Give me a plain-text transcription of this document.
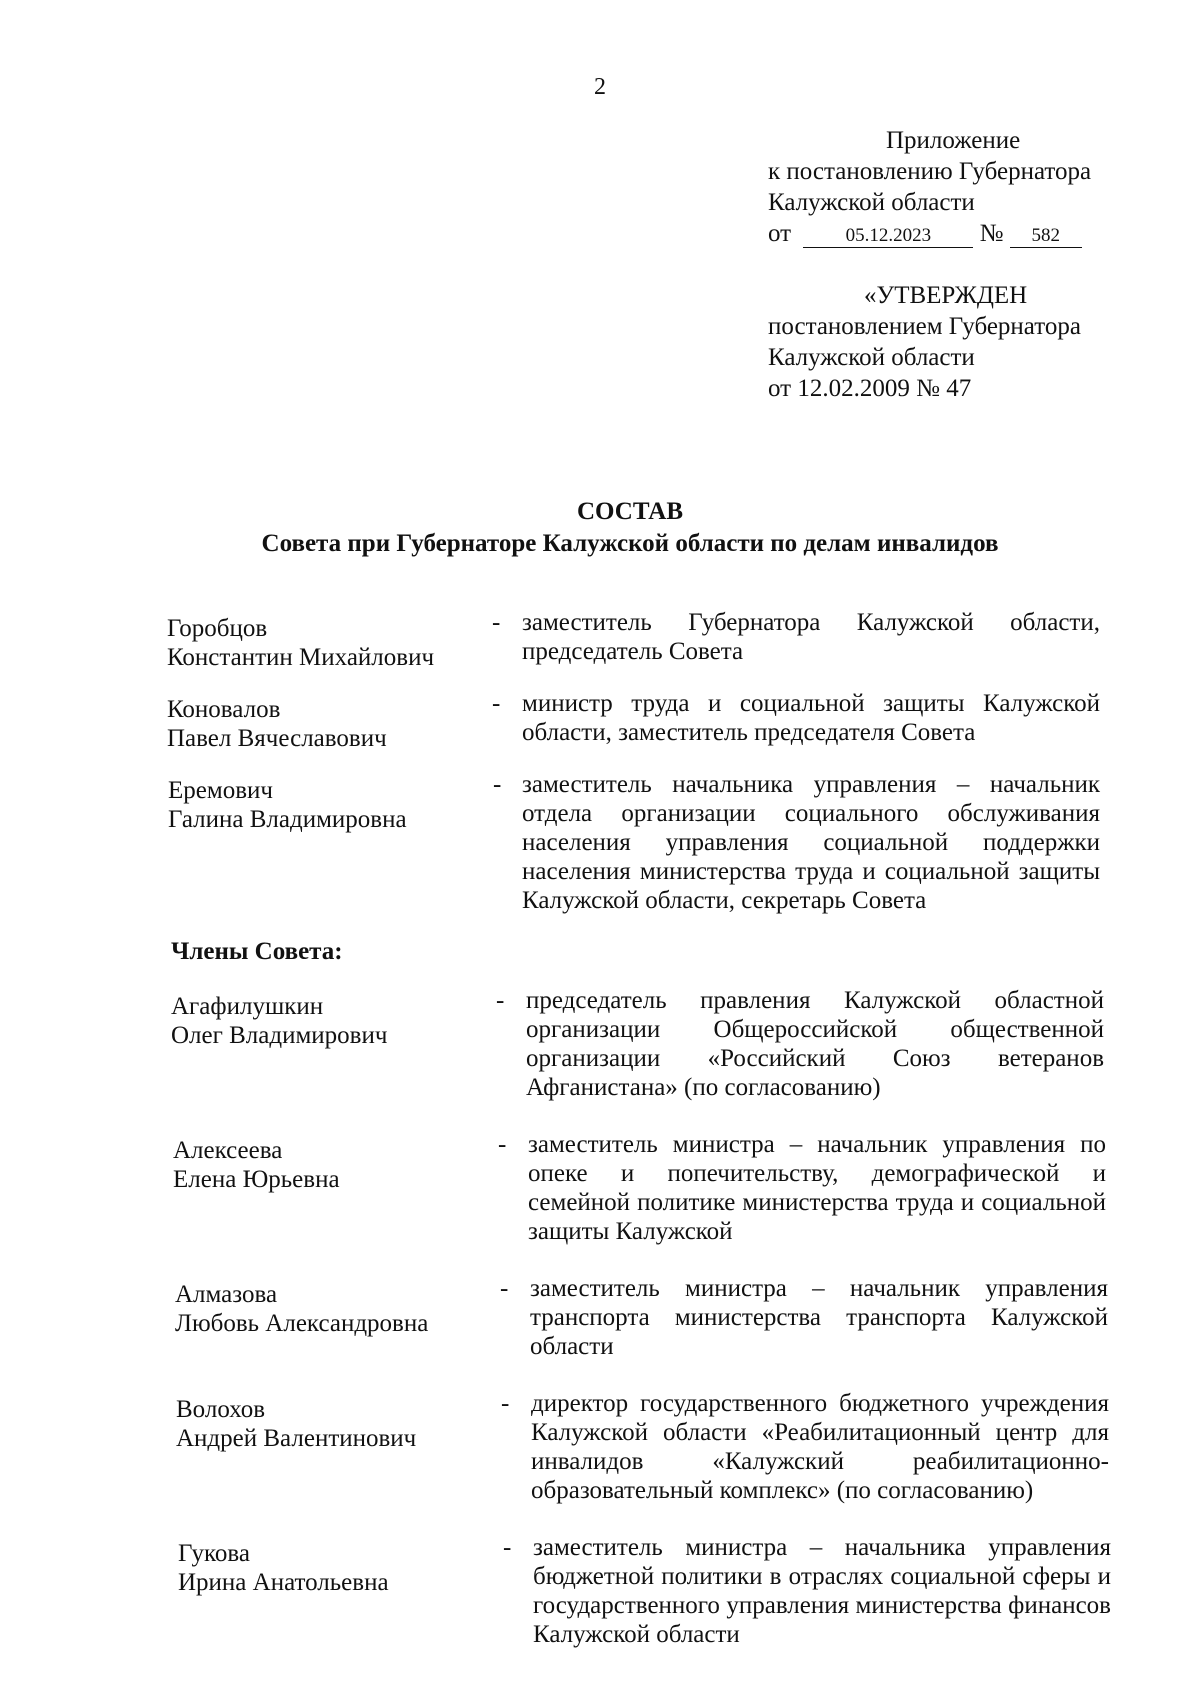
2
Приложение
к постановлению Губернатора
Калужской области
от	05.12.2023 № 582
«УТВЕРЖДЕН
постановлением Губернатора
Калужской области
от 12.02.2009 № 47
СОСТАВ
Совета при Губернаторе Калужской области по делам инвалидов
Горобцов
Константин Михайлович
- заместитель Губернатора Калужской области, председатель Совета
Коновалов
Павел Вячеславович
- министр труда и социальной защиты Калужской области, заместитель председателя Совета
Еремович
Галина Владимировна
- заместитель начальника управления – начальник отдела организации социального обслуживания населения управления социальной поддержки населения министерства труда и социальной защиты Калужской области, секретарь Совета
Члены Совета:
Агафилушкин
Олег Владимирович
- председатель правления Калужской областной организации Общероссийской общественной организации «Российский Союз ветеранов Афганистана» (по согласованию)
Алексеева
Елена Юрьевна
- заместитель министра – начальник управления по опеке и попечительству, демографической и семейной политике министерства труда и социальной защиты Калужской
Алмазова
Любовь Александровна
- заместитель министра – начальник управления транспорта министерства транспорта Калужской области
Волохов
Андрей Валентинович
- директор государственного бюджетного учреждения Калужской области «Реабилитационный центр для инвалидов «Калужский реабилитационно-образовательный комплекс» (по согласованию)
Гукова
Ирина Анатольевна
- заместитель министра – начальника управления бюджетной политики в отраслях социальной сферы и государственного управления министерства финансов Калужской области
